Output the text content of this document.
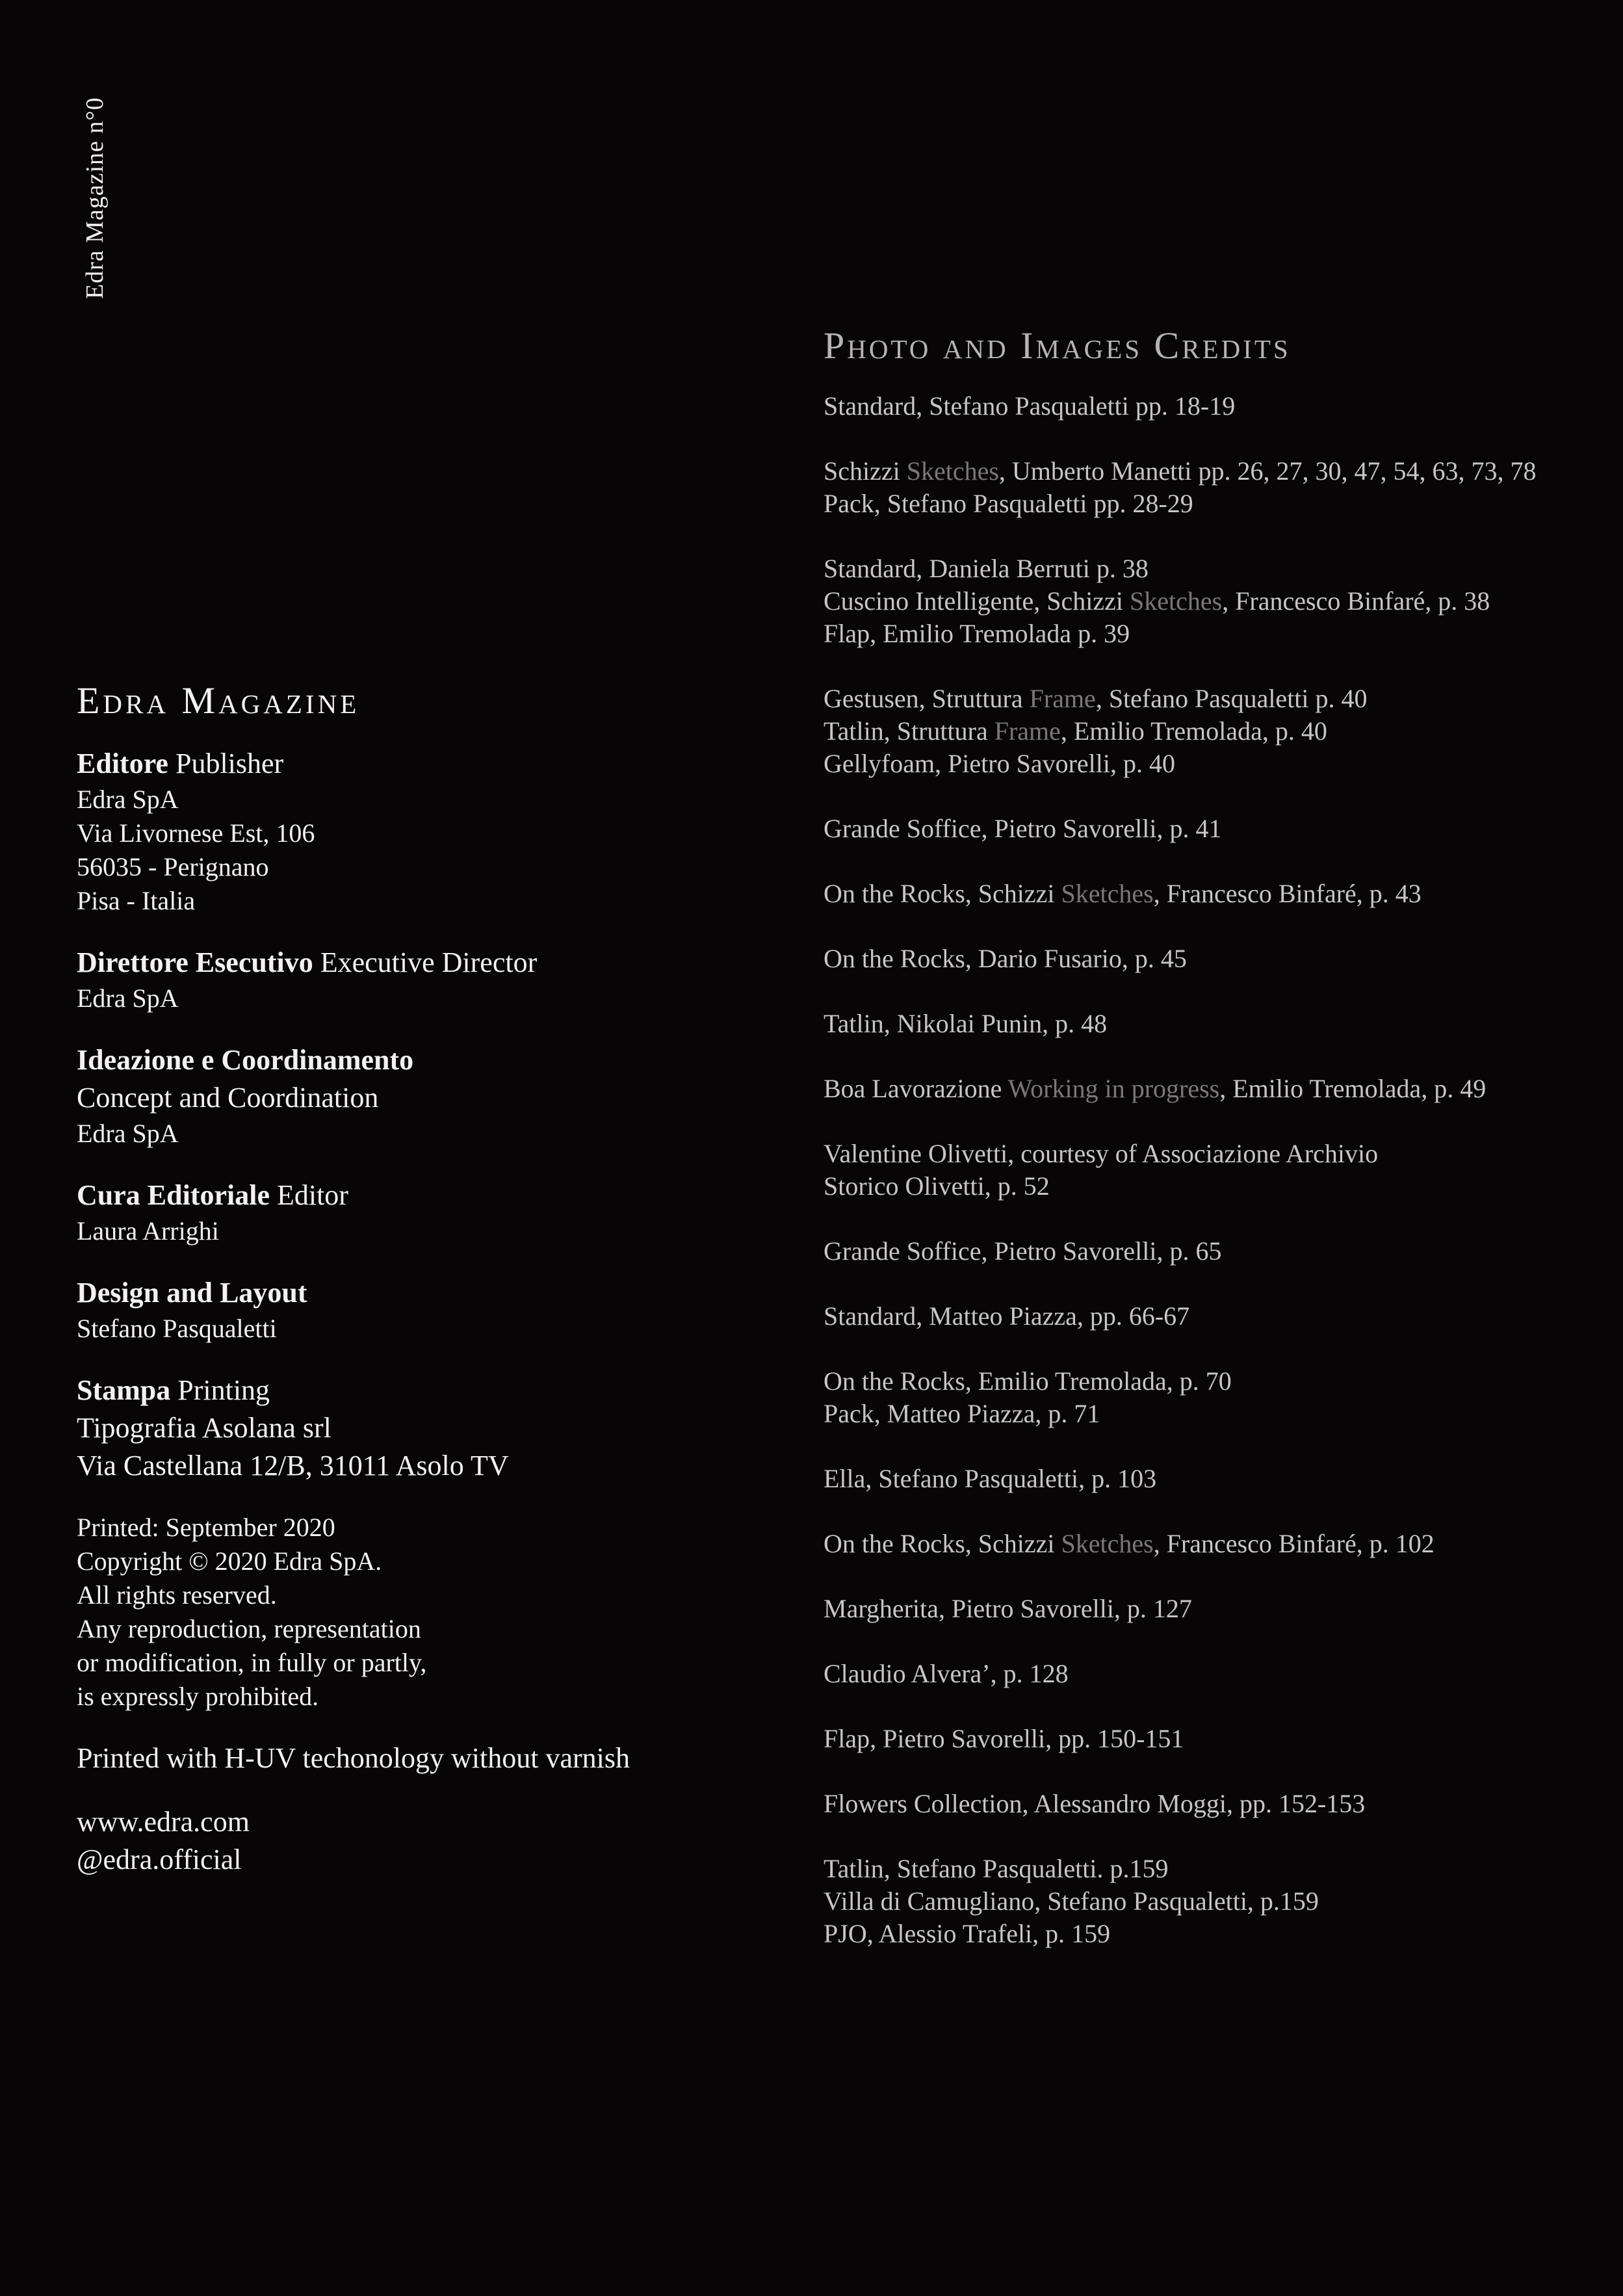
Edra Magazine n°0
Edra Magazine
Editore Publisher
Edra SpA
Via Livornese Est, 106
56035 - Perignano
Pisa - Italia
Direttore Esecutivo Executive Director
Edra SpA
Ideazione e Coordinamento
Concept and Coordination
Edra SpA
Cura Editoriale Editor
Laura Arrighi
Design and Layout
Stefano Pasqualetti
Stampa Printing
Tipografia Asolana srl
Via Castellana 12/B, 31011 Asolo TV
Printed: September 2020
Copyright © 2020 Edra SpA.
All rights reserved.
Any reproduction, representation
or modification, in fully or partly,
is expressly prohibited.
Printed with H-UV techonology without varnish
www.edra.com
@edra.official
Photo and Images Credits
Standard, Stefano Pasqualetti pp. 18-19
Schizzi Sketches, Umberto Manetti pp. 26, 27, 30, 47, 54, 63, 73, 78
Pack, Stefano Pasqualetti pp. 28-29
Standard, Daniela Berruti p. 38
Cuscino Intelligente, Schizzi Sketches, Francesco Binfaré, p. 38
Flap, Emilio Tremolada p. 39
Gestusen, Struttura Frame, Stefano Pasqualetti p. 40
Tatlin, Struttura Frame, Emilio Tremolada, p. 40
Gellyfoam, Pietro Savorelli, p. 40
Grande Soffice, Pietro Savorelli, p. 41
On the Rocks, Schizzi Sketches, Francesco Binfaré, p. 43
On the Rocks, Dario Fusario, p. 45
Tatlin, Nikolai Punin, p. 48
Boa Lavorazione Working in progress, Emilio Tremolada, p. 49
Valentine Olivetti, courtesy of Associazione Archivio
Storico Olivetti, p. 52
Grande Soffice, Pietro Savorelli, p. 65
Standard, Matteo Piazza, pp. 66-67
On the Rocks, Emilio Tremolada, p. 70
Pack, Matteo Piazza, p. 71
Ella, Stefano Pasqualetti, p. 103
On the Rocks, Schizzi Sketches, Francesco Binfaré, p. 102
Margherita, Pietro Savorelli, p. 127
Claudio Alvera’, p. 128
Flap, Pietro Savorelli, pp. 150-151
Flowers Collection, Alessandro Moggi, pp. 152-153
Tatlin, Stefano Pasqualetti. p.159
Villa di Camugliano, Stefano Pasqualetti, p.159
PJO, Alessio Trafeli, p. 159
